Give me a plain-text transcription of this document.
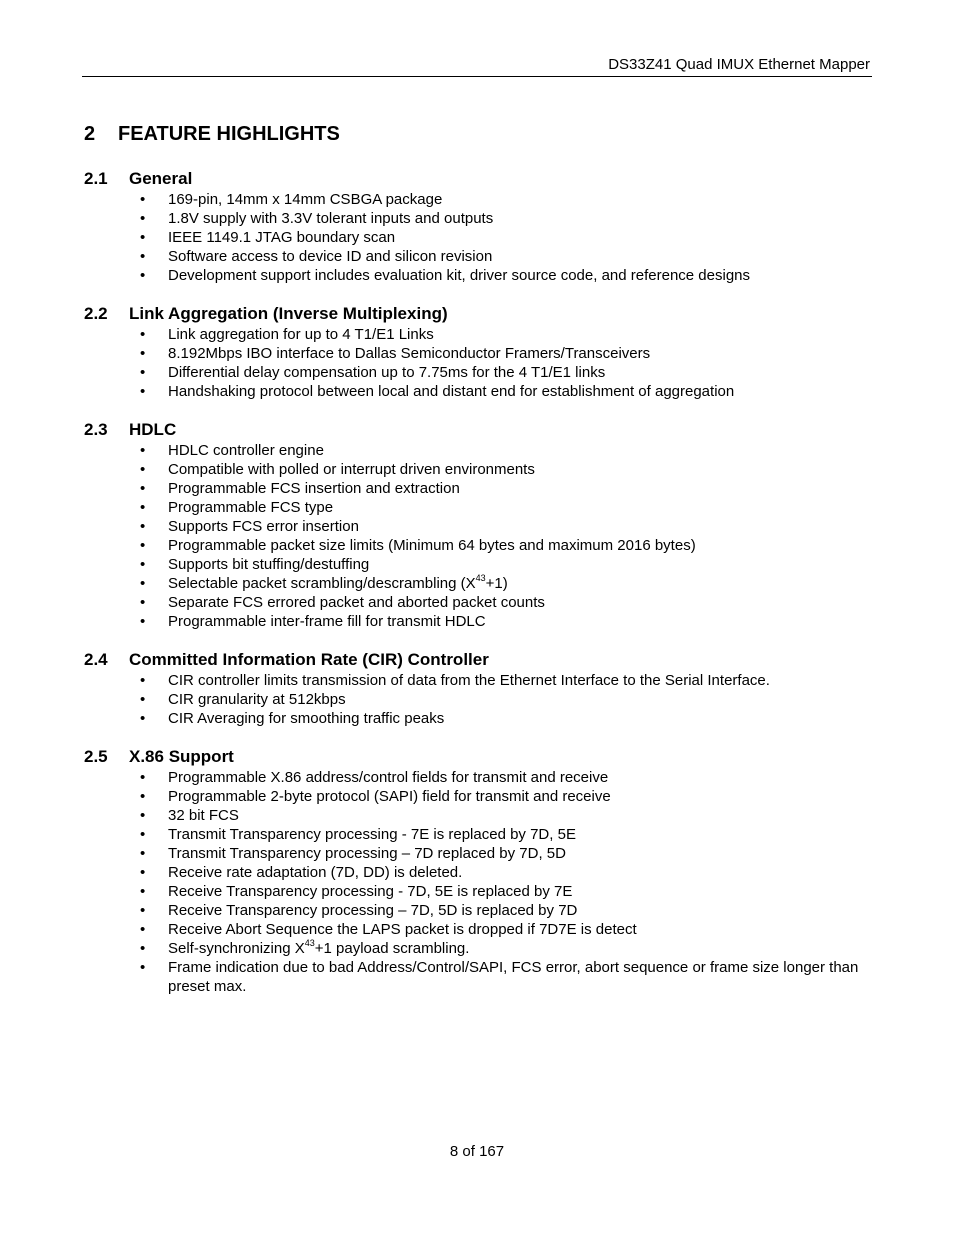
DS33Z41 Quad IMUX Ethernet Mapper
2 FEATURE HIGHLIGHTS
2.1 General
• 169-pin, 14mm x 14mm CSBGA package
• 1.8V supply with 3.3V tolerant inputs and outputs
• IEEE 1149.1 JTAG boundary scan
• Software access to device ID and silicon revision
• Development support includes evaluation kit, driver source code, and reference designs
2.2 Link Aggregation (Inverse Multiplexing)
• Link aggregation for up to 4 T1/E1 Links
• 8.192Mbps IBO interface to Dallas Semiconductor Framers/Transceivers
• Differential delay compensation up to 7.75ms for the 4 T1/E1 links
• Handshaking protocol between local and distant end for establishment of aggregation
2.3 HDLC
• HDLC controller engine
• Compatible with polled or interrupt driven environments
• Programmable FCS insertion and extraction
• Programmable FCS type
• Supports FCS error insertion
• Programmable packet size limits (Minimum 64 bytes and maximum 2016 bytes)
• Supports bit stuffing/destuffing
• Selectable packet scrambling/descrambling $(X^{43}+1)$
• Separate FCS errored packet and aborted packet counts
• Programmable inter-frame fill for transmit HDLC
2.4 Committed Information Rate (CIR) Controller
• CIR controller limits transmission of data from the Ethernet Interface to the Serial Interface.
• CIR granularity at 512kbps
• CIR Averaging for smoothing traffic peaks
2.5 X.86 Support
• Programmable X.86 address/control fields for transmit and receive
• Programmable 2-byte protocol (SAPI) field for transmit and receive
• 32 bit FCS
• Transmit Transparency processing - 7E is replaced by 7D, 5E
• Transmit Transparency processing – 7D replaced by 7D, 5D
• Receive rate adaptation (7D, DD) is deleted.
• Receive Transparency processing - 7D, 5E is replaced by 7E
• Receive Transparency processing – 7D, 5D is replaced by 7D
• Receive Abort Sequence the LAPS packet is dropped if 7D7E is detect
• Self-synchronizing $X^{43}+1$ payload scrambling.
• Frame indication due to bad Address/Control/SAPI, FCS error, abort sequence or frame size longer than preset max.
8 of 167
